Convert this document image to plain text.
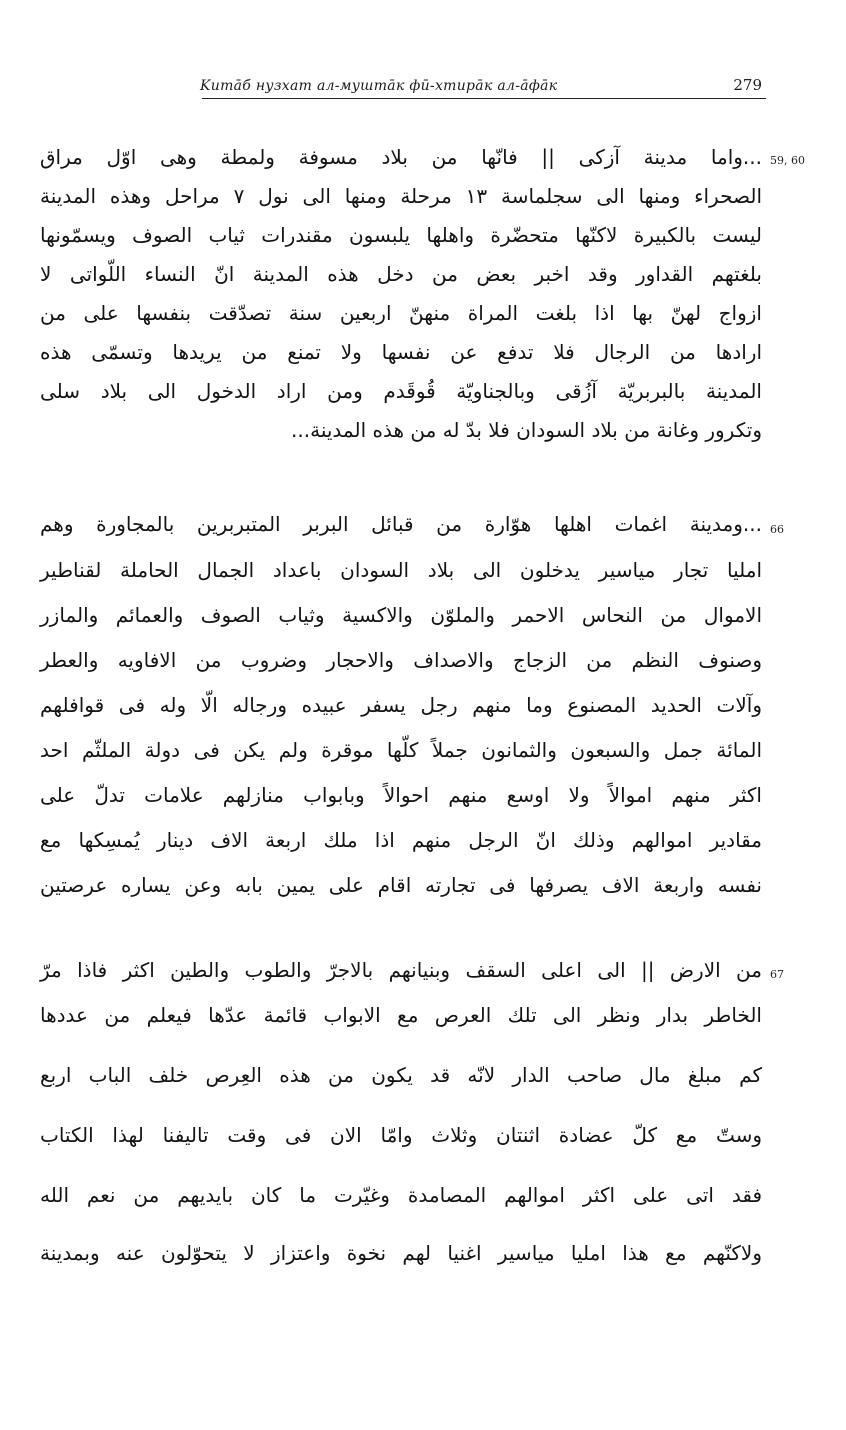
Kитāб нузхат ал-муштāк фӣ-хтирāк ал-āфāк	279
59, 60
66
67
...واما مدينة آزكى || فانّها من بلاد مسوفة ولمطة وهى اوّل مراق
الصحراء ومنها الى سجلماسة ١٣ مرحلة ومنها الى نول ٧ مراحل وهذه المدينة
ليست بالكبيرة لاكنّها متحضّرة واهلها يلبسون مقندرات ثياب الصوف ويسمّونها
بلغتهم القداور وقد اخبر بعض من دخل هذه المدينة انّ النساء اللّواتى لا
ازواج لهنّ بها اذا بلغت المراة منهنّ اربعين سنة تصدّقت بنفسها على من
ارادها من الرجال فلا تدفع عن نفسها ولا تمنع من يريدها وتسمّى هذه
المدينة بالبربريّة آزُقى وبالجناويّة قُوقَدم ومن اراد الدخول الى بلاد سلى
وتكرور وغانة من بلاد السودان فلا بدّ له من هذه المدينة...
...ومدينة اغمات اهلها هوّارة من قبائل البربر المتبربرين بالمجاورة وهم
امليا تجار مياسير يدخلون الى بلاد السودان باعداد الجمال الحاملة لقناطير
الاموال من النحاس الاحمر والملوّن والاكسية وثياب الصوف والعمائم والمازر
وصنوف النظم من الزجاج والاصداف والاحجار وضروب من الافاويه والعطر
وآلات الحديد المصنوع وما منهم رجل يسفر عبيده ورجاله الّا وله فى قوافلهم
المائة جمل والسبعون والثمانون جملاً كلّها موقرة ولم يكن فى دولة الملثّم احد
اكثر منهم اموالاً ولا اوسع منهم احوالاً وبابواب منازلهم علامات تدلّ على
مقادير اموالهم وذلك انّ الرجل منهم اذا ملك اربعة الاف دينار يُمسِكها مع
نفسه واربعة الاف يصرفها فى تجارته اقام على يمين بابه وعن يساره عرصتين
من الارض || الى اعلى السقف وبنيانهم بالاجرّ والطوب والطين اكثر فاذا مرّ
الخاطر بدار ونظر الى تلك العرص مع الابواب قائمة عدّها فيعلم من عددها
كم مبلغ مال صاحب الدار لانّه قد يكون من هذه العِرص خلف الباب اربع
وستّ مع كلّ عضادة اثنتان وثلاث وامّا الان فى وقت تاليفنا لهذا الكتاب
فقد اتى على اكثر اموالهم المصامدة وغيّرت ما كان بايديهم من نعم الله
ولاكنّهم مع هذا امليا مياسير اغنيا لهم نخوة واعتزاز لا يتحوّلون عنه وبمدينة
